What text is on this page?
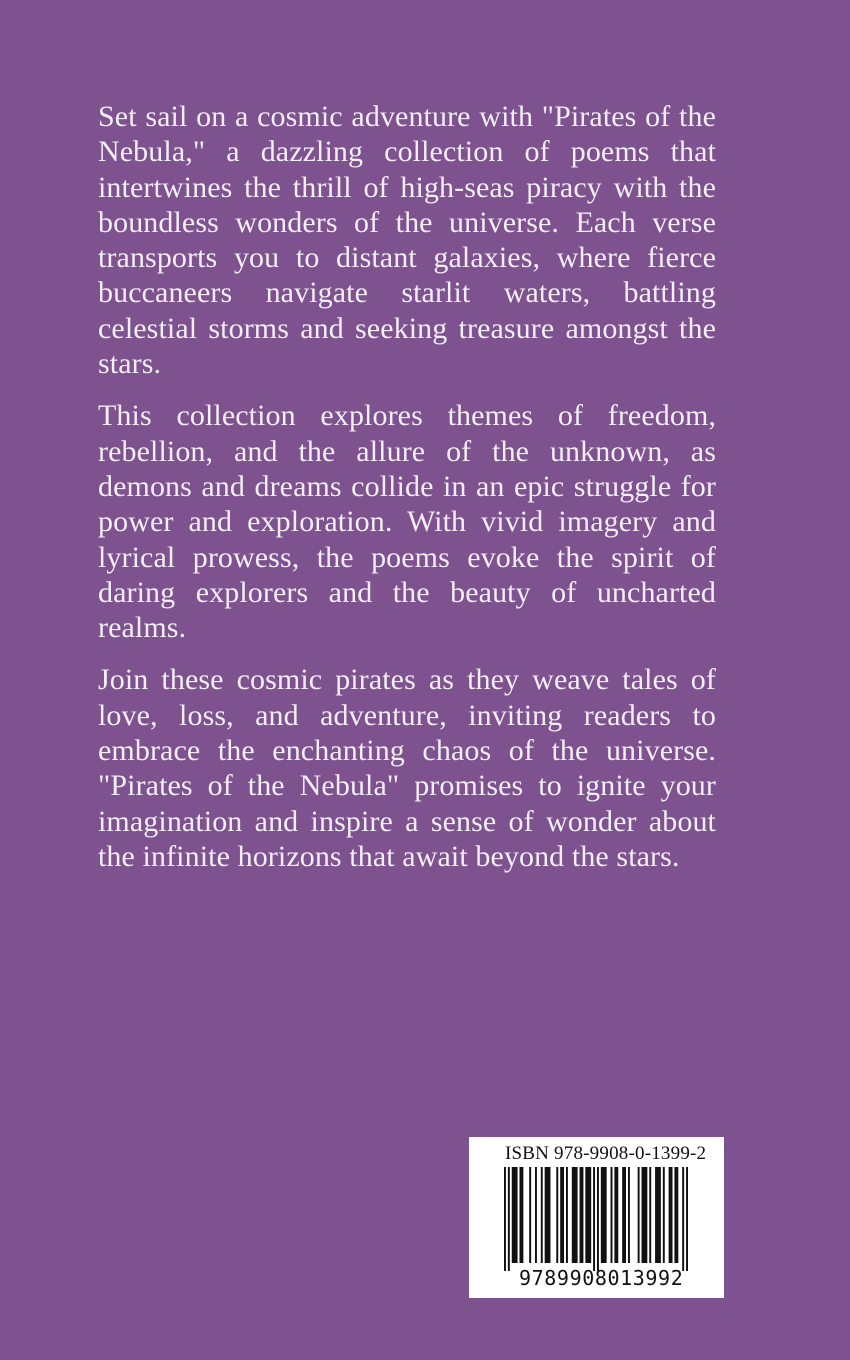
Set sail on a cosmic adventure with "Pirates of the Nebula," a dazzling collection of poems that intertwines the thrill of high-seas piracy with the boundless wonders of the universe. Each verse transports you to distant galaxies, where fierce buccaneers navigate starlit waters, battling celestial storms and seeking treasure amongst the stars.

This collection explores themes of freedom, rebellion, and the allure of the unknown, as demons and dreams collide in an epic struggle for power and exploration. With vivid imagery and lyrical prowess, the poems evoke the spirit of daring explorers and the beauty of uncharted realms.

Join these cosmic pirates as they weave tales of love, loss, and adventure, inviting readers to embrace the enchanting chaos of the universe. "Pirates of the Nebula" promises to ignite your imagination and inspire a sense of wonder about the infinite horizons that await beyond the stars.

ISBN 978-9908-0-1399-2
9789908013992
